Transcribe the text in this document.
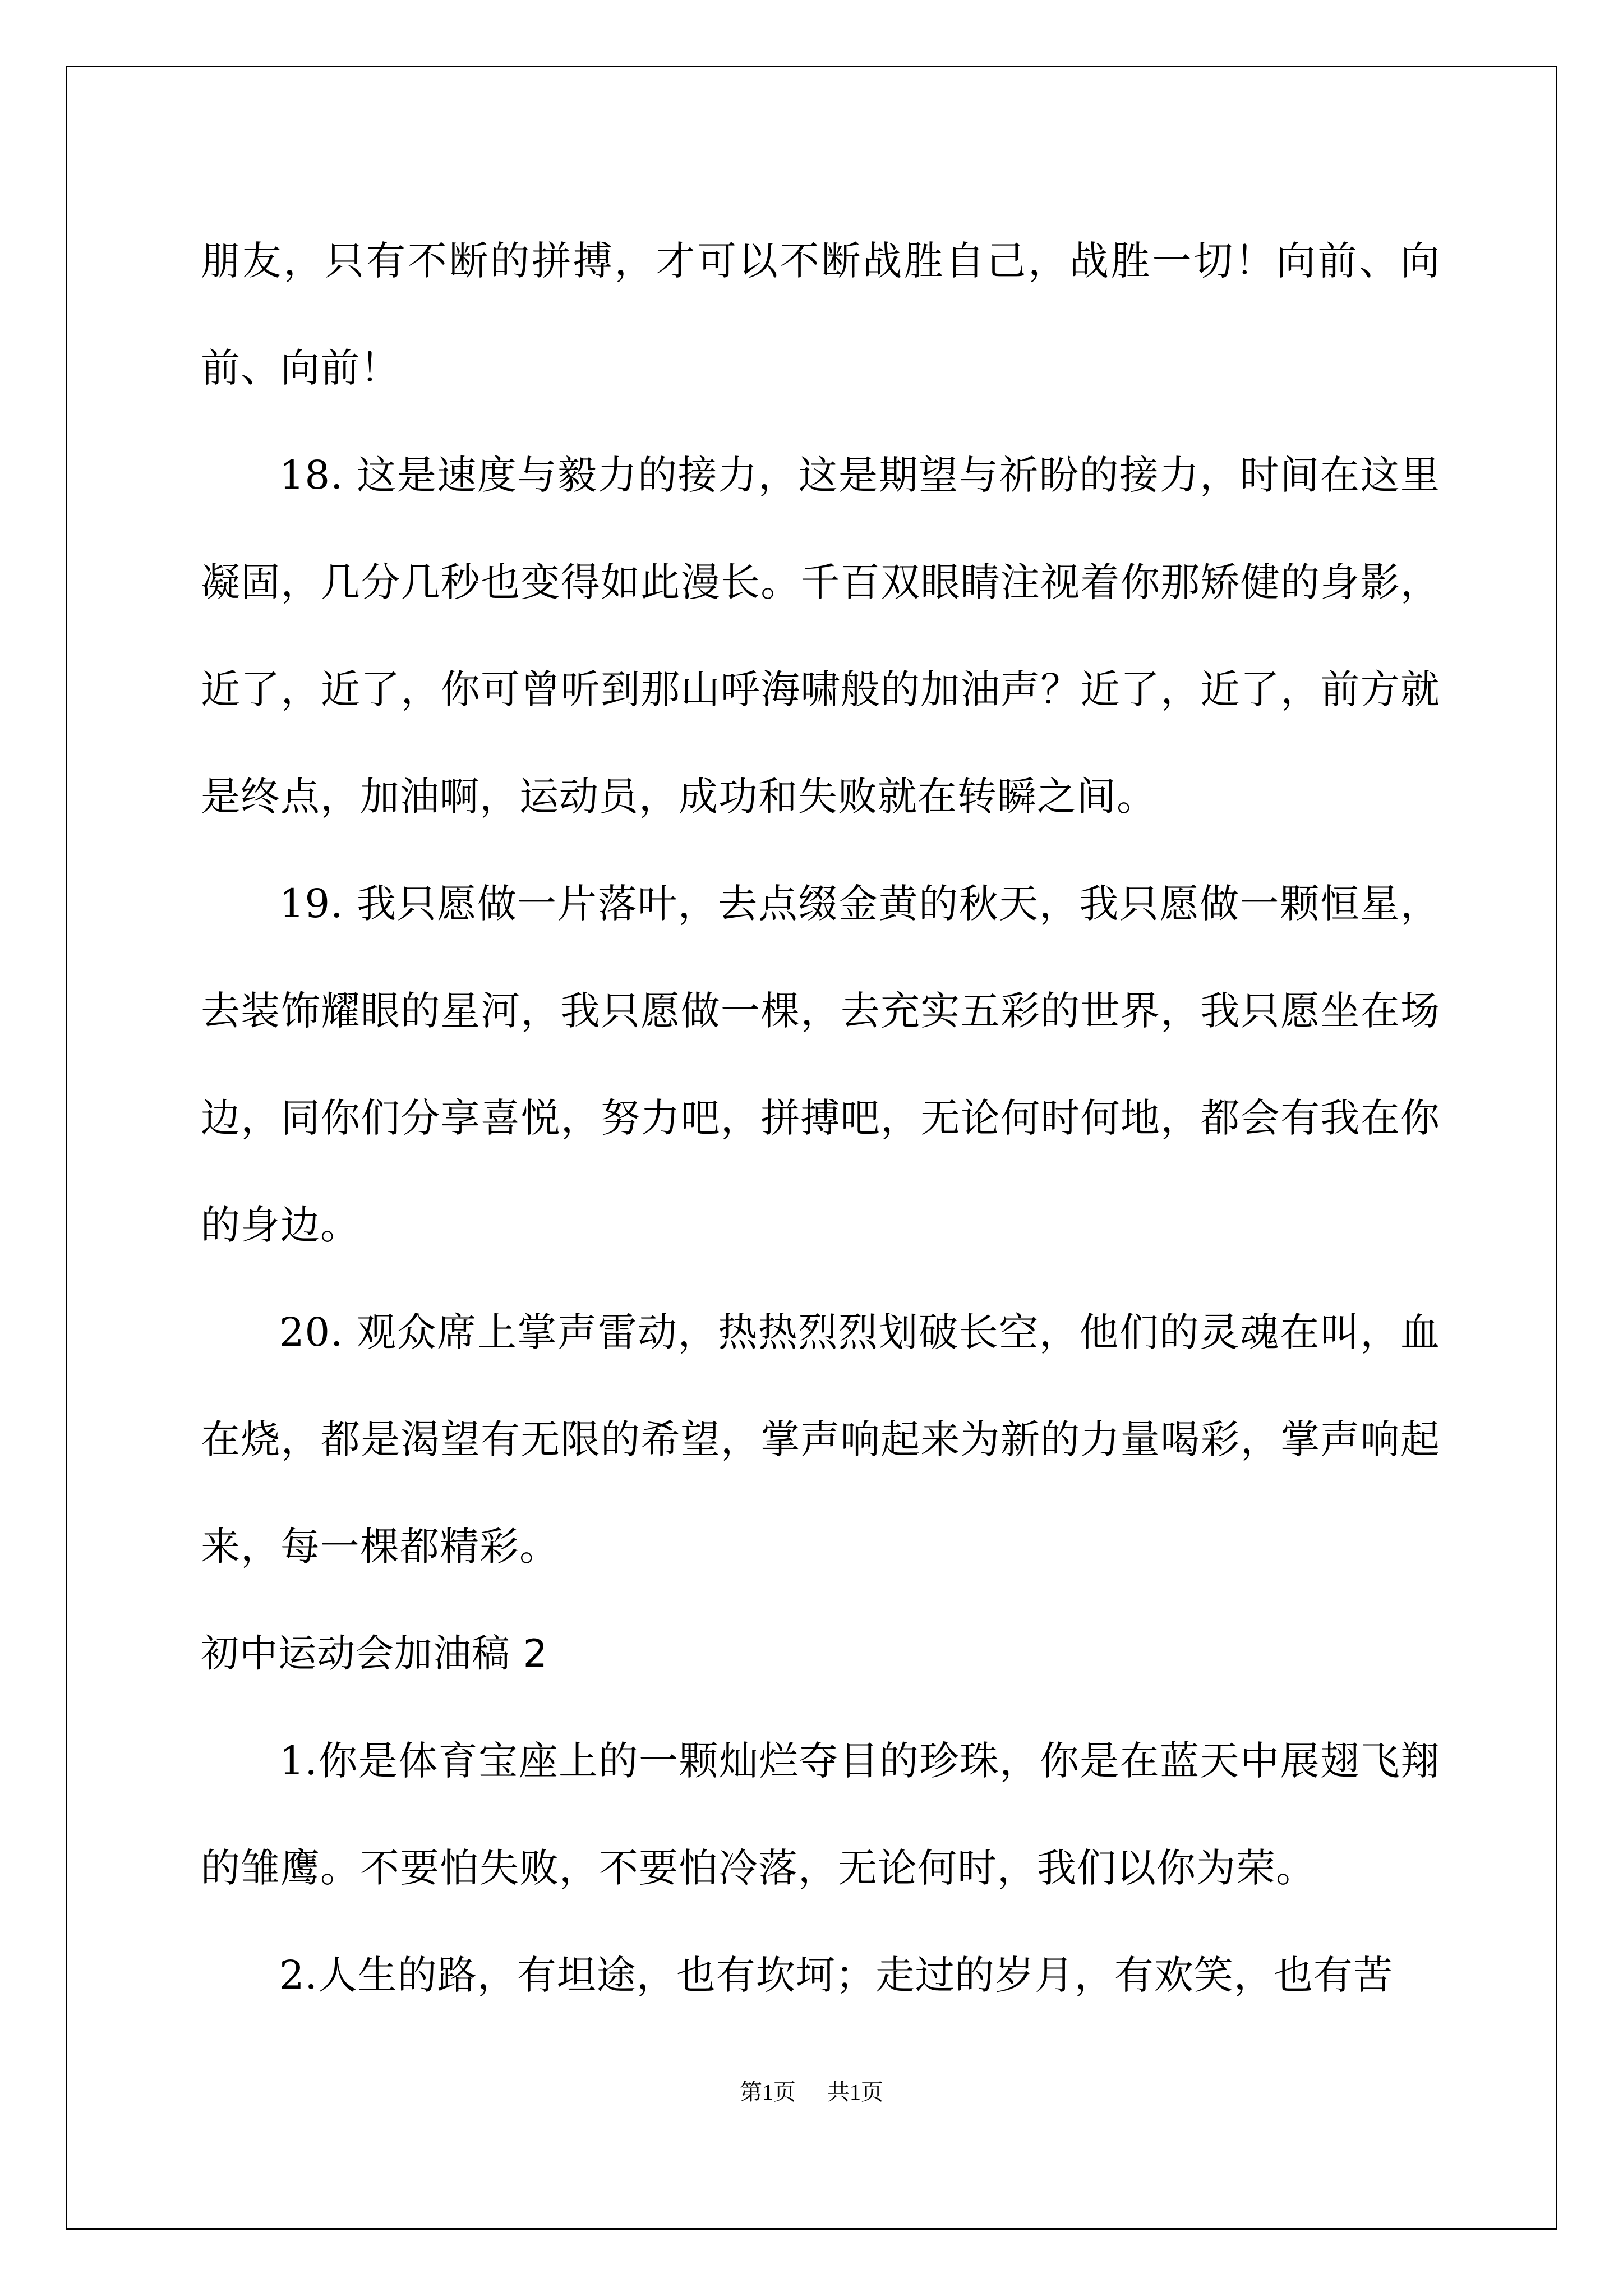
朋友，只有不断的拼搏，才可以不断战胜自己，战胜一切！向前、向前、向前！

18. 这是速度与毅力的接力，这是期望与祈盼的接力，时间在这里凝固，几分几秒也变得如此漫长。千百双眼睛注视着你那矫健的身影，近了，近了，你可曾听到那山呼海啸般的加油声？近了，近了，前方就是终点，加油啊，运动员，成功和失败就在转瞬之间。

19. 我只愿做一片落叶，去点缀金黄的秋天，我只愿做一颗恒星，去装饰耀眼的星河，我只愿做一棵，去充实五彩的世界，我只愿坐在场边，同你们分享喜悦，努力吧，拼搏吧，无论何时何地，都会有我在你的身边。

20. 观众席上掌声雷动，热热烈烈划破长空，他们的灵魂在叫，血在烧，都是渴望有无限的希望，掌声响起来为新的力量喝彩，掌声响起来，每一棵都精彩。

初中运动会加油稿 2

1.你是体育宝座上的一颗灿烂夺目的珍珠，你是在蓝天中展翅飞翔的雏鹰。不要怕失败，不要怕冷落，无论何时，我们以你为荣。

2.人生的路，有坦途，也有坎坷；走过的岁月，有欢笑，也有苦

第1页 共1页
